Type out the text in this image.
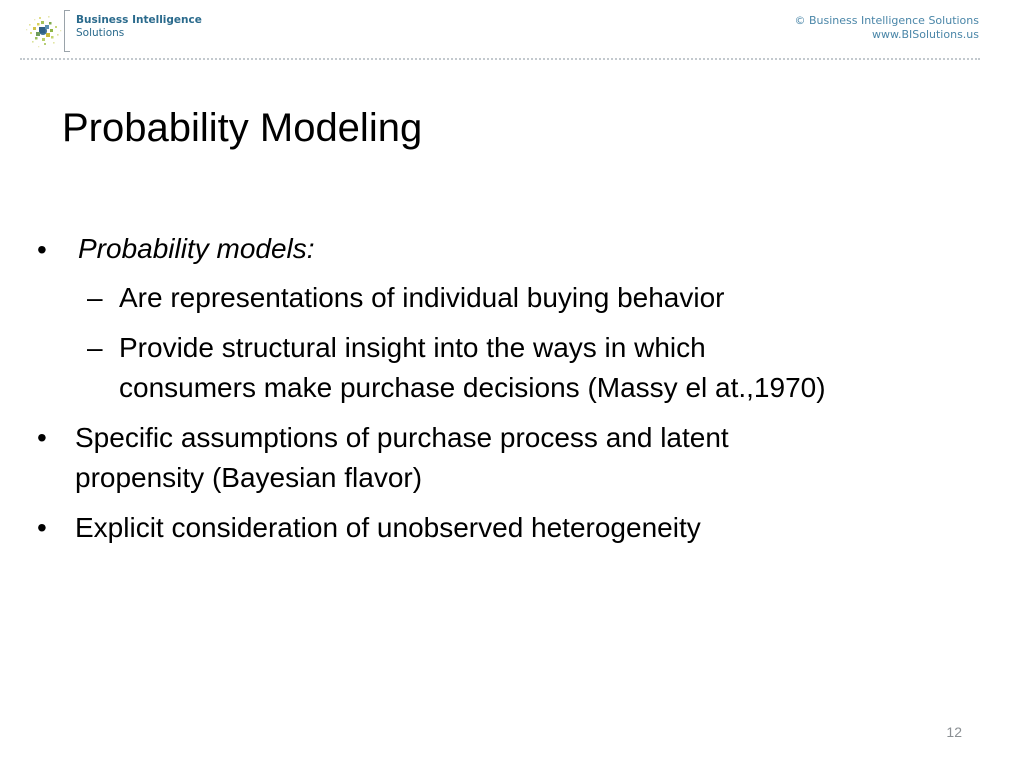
Business Intelligence
Solutions
© Business Intelligence Solutions
www.BISolutions.us
Probability Modeling
• Probability models:
– Are representations of individual buying behavior
– Provide structural insight into the ways in which
consumers make purchase decisions (Massy el at.,1970)
• Specific assumptions of purchase process and latent
propensity (Bayesian flavor)
• Explicit consideration of unobserved heterogeneity
12
